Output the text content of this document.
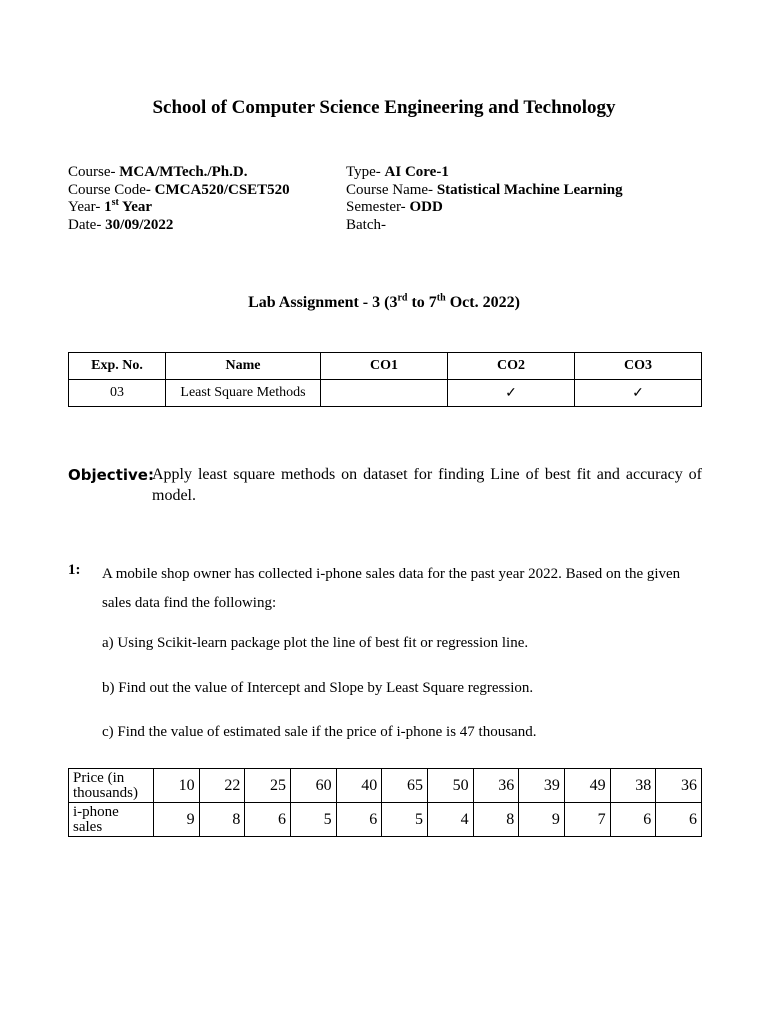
School of Computer Science Engineering and Technology
Course- MCA/MTech./Ph.D.
Course Code- CMCA520/CSET520
Year- 1st Year
Date- 30/09/2022
Type- AI Core-1
Course Name- Statistical Machine Learning
Semester- ODD
Batch-
Lab Assignment - 3 (3rd to 7th Oct. 2022)
Exp. No.	Name	CO1	CO2	CO3
03	Least Square Methods		✓	✓
Objective:
Apply least square methods on dataset for finding Line of best fit and accuracy of model.
1: A mobile shop owner has collected i-phone sales data for the past year 2022. Based on the given sales data find the following:
a) Using Scikit-learn package plot the line of best fit or regression line.
b) Find out the value of Intercept and Slope by Least Square regression.
c) Find the value of estimated sale if the price of i-phone is 47 thousand.
Price (in thousands)	10	22	25	60	40	65	50	36	39	49	38	36
i-phone sales	9	8	6	5	6	5	4	8	9	7	6	6
